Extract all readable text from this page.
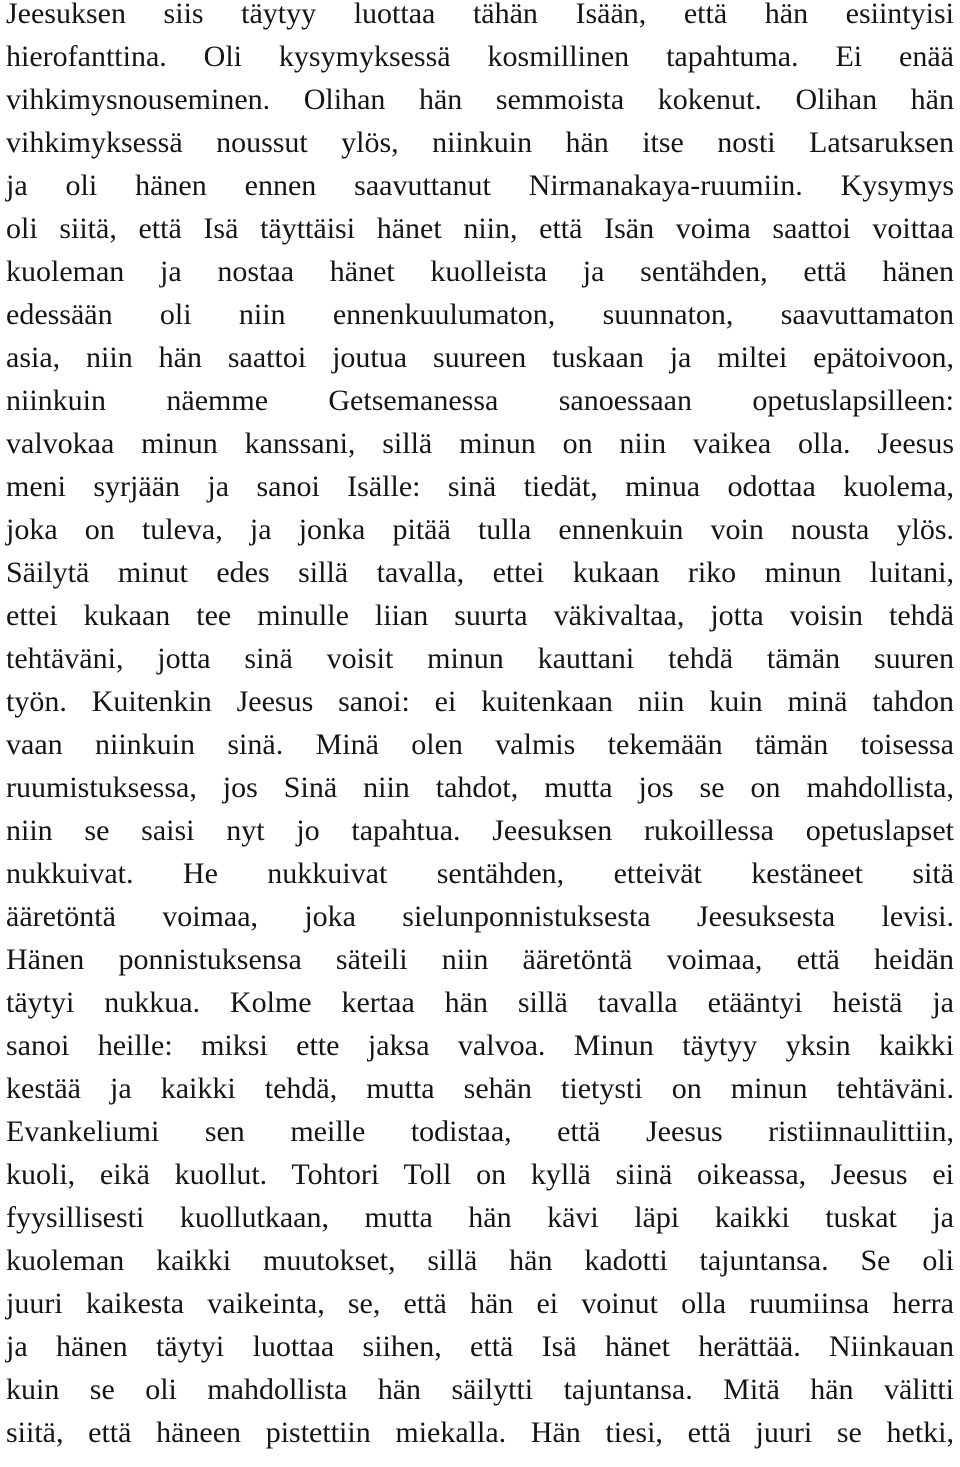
Jeesuksen siis täytyy luottaa tähän Isään, että hän esiintyisi
hierofanttina. Oli kysymyksessä kosmillinen tapahtuma. Ei enää
vihkimysnouseminen. Olihan hän semmoista kokenut. Olihan hän
vihkimyksessä noussut ylös, niinkuin hän itse nosti Latsaruksen
ja oli hänen ennen saavuttanut Nirmanakaya-ruumiin. Kysymys
oli siitä, että Isä täyttäisi hänet niin, että Isän voima saattoi voittaa
kuoleman ja nostaa hänet kuolleista ja sentähden, että hänen
edessään oli niin ennenkuulumaton, suunnaton, saavuttamaton
asia, niin hän saattoi joutua suureen tuskaan ja miltei epätoivoon,
niinkuin näemme Getsemanessa sanoessaan opetuslapsilleen:
valvokaa minun kanssani, sillä minun on niin vaikea olla. Jeesus
meni syrjään ja sanoi Isälle: sinä tiedät, minua odottaa kuolema,
joka on tuleva, ja jonka pitää tulla ennenkuin voin nousta ylös.
Säilytä minut edes sillä tavalla, ettei kukaan riko minun luitani,
ettei kukaan tee minulle liian suurta väkivaltaa, jotta voisin tehdä
tehtäväni, jotta sinä voisit minun kauttani tehdä tämän suuren
työn. Kuitenkin Jeesus sanoi: ei kuitenkaan niin kuin minä tahdon
vaan niinkuin sinä. Minä olen valmis tekemään tämän toisessa
ruumistuksessa, jos Sinä niin tahdot, mutta jos se on mahdollista,
niin se saisi nyt jo tapahtua. Jeesuksen rukoillessa opetuslapset
nukkuivat. He nukkuivat sentähden, etteivät kestäneet sitä
ääretöntä voimaa, joka sielunponnistuksesta Jeesuksesta levisi.
Hänen ponnistuksensa säteili niin ääretöntä voimaa, että heidän
täytyi nukkua. Kolme kertaa hän sillä tavalla etääntyi heistä ja
sanoi heille: miksi ette jaksa valvoa. Minun täytyy yksin kaikki
kestää ja kaikki tehdä, mutta sehän tietysti on minun tehtäväni.
Evankeliumi sen meille todistaa, että Jeesus ristiinnaulittiin,
kuoli, eikä kuollut. Tohtori Toll on kyllä siinä oikeassa, Jeesus ei
fyysillisesti kuollutkaan, mutta hän kävi läpi kaikki tuskat ja
kuoleman kaikki muutokset, sillä hän kadotti tajuntansa. Se oli
juuri kaikesta vaikeinta, se, että hän ei voinut olla ruumiinsa herra
ja hänen täytyi luottaa siihen, että Isä hänet herättää. Niinkauan
kuin se oli mahdollista hän säilytti tajuntansa. Mitä hän välitti
siitä, että häneen pistettiin miekalla. Hän tiesi, että juuri se hetki,
